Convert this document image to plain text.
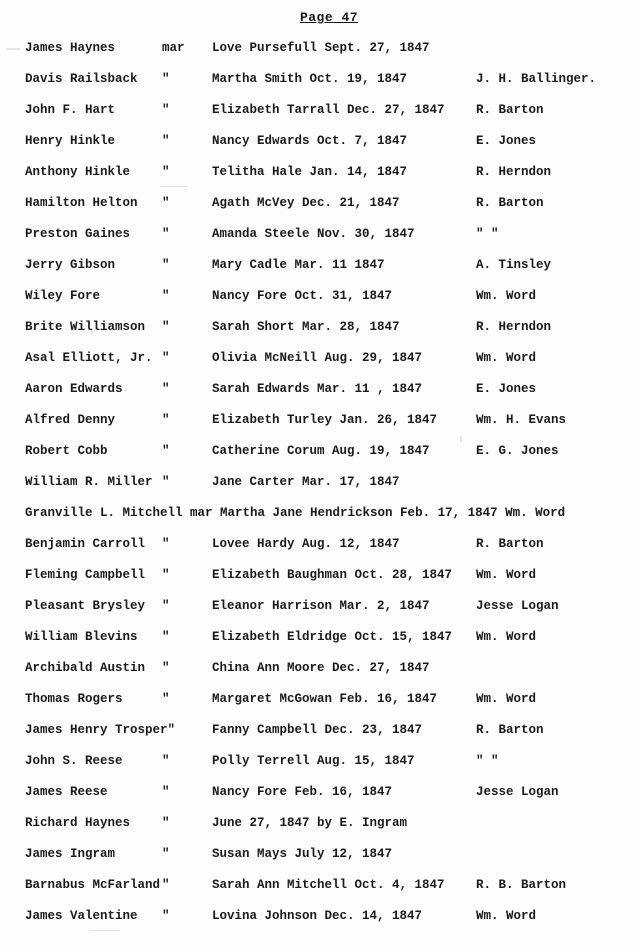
Page 47
James Haynes	mar Love Pursefull Sept. 27, 1847
Davis Railsback "	Martha Smith Oct. 19, 1847	J. H. Ballinger.
John F. Hart	"	Elizabeth Tarrall Dec. 27, 1847	R. Barton
Henry Hinkle	"	Nancy Edwards Oct. 7, 1847	E. Jones
Anthony Hinkle	"	Telitha Hale Jan. 14, 1847	R. Herndon
Hamilton Helton "	Agath McVey Dec. 21, 1847	R. Barton
Preston Gaines	"	Amanda Steele Nov. 30, 1847	" "
Jerry Gibson	"	Mary Cadle Mar. 11 1847	A. Tinsley
Wiley Fore	"	Nancy Fore Oct. 31, 1847	Wm. Word
Brite Williamson "	Sarah Short Mar. 28, 1847	R. Herndon
Asal Elliott, Jr. "	Olivia McNeill Aug. 29, 1847	Wm. Word
Aaron Edwards	"	Sarah Edwards Mar. 11 , 1847	E. Jones
Alfred Denny	"	Elizabeth Turley Jan. 26, 1847	Wm. H. Evans
Robert Cobb	"	Catherine Corum Aug. 19, 1847	E. G. Jones
William R. Miller "	Jane Carter Mar. 17, 1847
Granville L. Mitchell mar Martha Jane Hendrickson Feb. 17, 1847 Wm. Word
Benjamin Carroll "	Lovee Hardy Aug. 12, 1847	R. Barton
Fleming Campbell "	Elizabeth Baughman Oct. 28, 1847 Wm. Word
Pleasant Brysley "	Eleanor Harrison Mar. 2, 1847	Jesse Logan
William Blevins "	Elizabeth Eldridge Oct. 15, 1847 Wm. Word
Archibald Austin "	China Ann Moore Dec. 27, 1847
Thomas Rogers	"	Margaret McGowan Feb. 16, 1847	Wm. Word
James Henry Trosper"	Fanny Campbell Dec. 23, 1847	R. Barton
John S. Reese	"	Polly Terrell Aug. 15, 1847	" "
James Reese	"	Nancy Fore Feb. 16, 1847	Jesse Logan
Richard Haynes	"	June 27, 1847 by E. Ingram
James Ingram	"	Susan Mays July 12, 1847
Barnabus McFarland "	Sarah Ann Mitchell Oct. 4, 1847	R. B. Barton
James Valentine "	Lovina Johnson Dec. 14, 1847	Wm. Word
